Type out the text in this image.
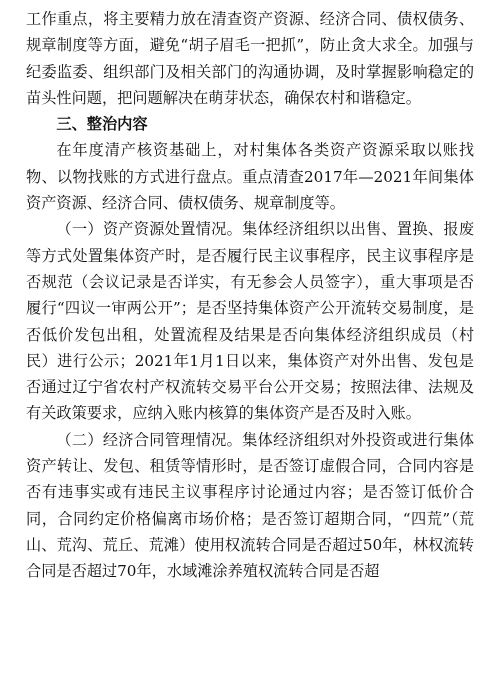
工作重点，将主要精力放在清查资产资源、经济合同、债权债务、规章制度等方面，避免“胡子眉毛一把抓”，防止贪大求全。加强与纪委监委、组织部门及相关部门的沟通协调，及时掌握影响稳定的苗头性问题，把问题解决在萌芽状态，确保农村和谐稳定。

三、整治内容

在年度清产核资基础上，对村集体各类资产资源采取以账找物、以物找账的方式进行盘点。重点清查2017年—2021年间集体资产资源、经济合同、债权债务、规章制度等。

（一）资产资源处置情况。集体经济组织以出售、置换、报废等方式处置集体资产时，是否履行民主议事程序，民主议事程序是否规范（会议记录是否详实，有无参会人员签字），重大事项是否履行“四议一审两公开”；是否坚持集体资产公开流转交易制度，是否低价发包出租，处置流程及结果是否向集体经济组织成员（村民）进行公示；2021年1月1日以来，集体资产对外出售、发包是否通过辽宁省农村产权流转交易平台公开交易；按照法律、法规及有关政策要求，应纳入账内核算的集体资产是否及时入账。

（二）经济合同管理情况。集体经济组织对外投资或进行集体资产转让、发包、租赁等情形时，是否签订虚假合同，合同内容是否有违事实或有违民主议事程序讨论通过内容；是否签订低价合同，合同约定价格偏离市场价格；是否签订超期合同，“四荒”（荒山、荒沟、荒丘、荒滩）使用权流转合同是否超过50年，林权流转合同是否超过70年，水域滩涂养殖权流转合同是否超
